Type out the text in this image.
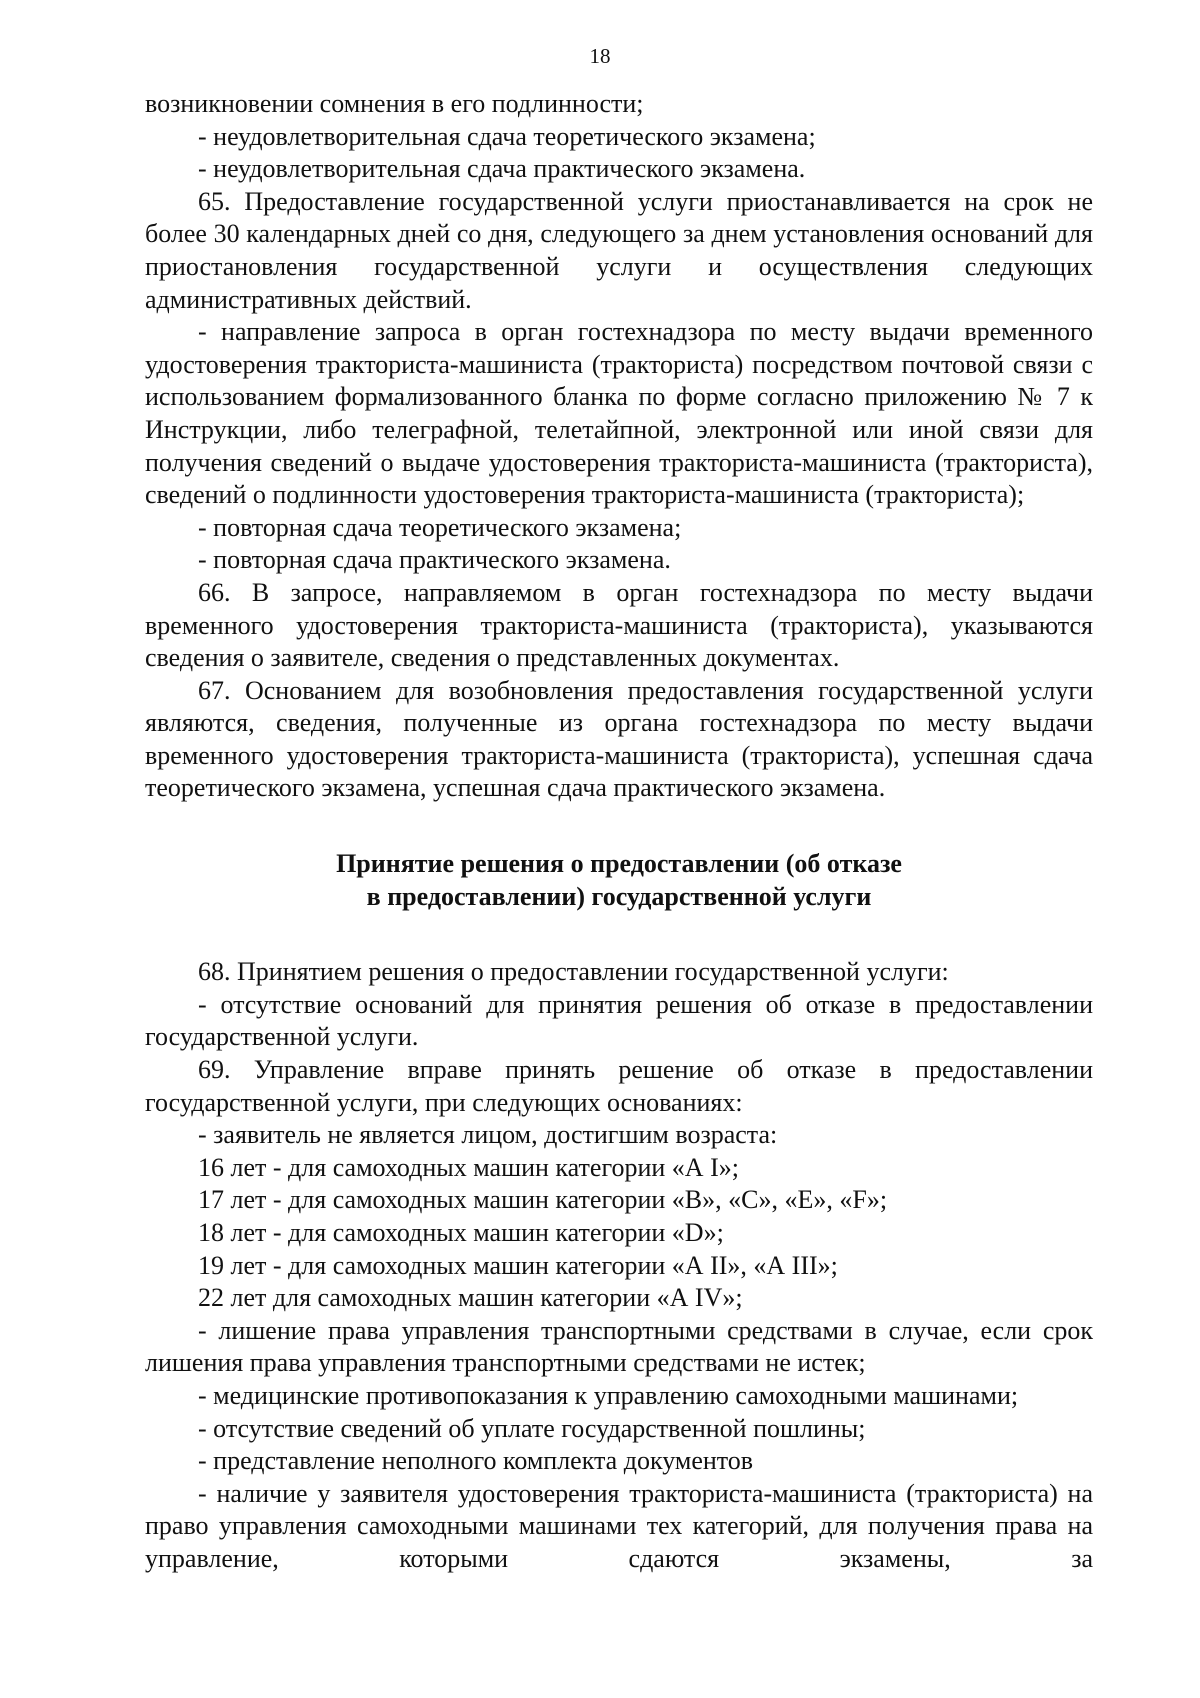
18

возникновении сомнения в его подлинности;

- неудовлетворительная сдача теоретического экзамена;

- неудовлетворительная сдача практического экзамена.

65. Предоставление государственной услуги приостанавливается на срок не более 30 календарных дней со дня, следующего за днем установления оснований для приостановления государственной услуги и осуществления следующих административных действий.

- направление запроса в орган гостехнадзора по месту выдачи временного удостоверения тракториста-машиниста (тракториста) посредством почтовой связи с использованием формализованного бланка по форме согласно приложению № 7 к Инструкции, либо телеграфной, телетайпной, электронной или иной связи для получения сведений о выдаче удостоверения тракториста-машиниста (тракториста), сведений о подлинности удостоверения тракториста-машиниста (тракториста);

- повторная сдача теоретического экзамена;

- повторная сдача практического экзамена.

66. В запросе, направляемом в орган гостехнадзора по месту выдачи временного удостоверения тракториста-машиниста (тракториста), указываются сведения о заявителе, сведения о представленных документах.

67. Основанием для возобновления предоставления государственной услуги являются, сведения, полученные из органа гостехнадзора по месту выдачи временного удостоверения тракториста-машиниста (тракториста), успешная сдача теоретического экзамена, успешная сдача практического экзамена.

Принятие решения о предоставлении (об отказе
в предоставлении) государственной услуги

68. Принятием решения о предоставлении государственной услуги:

- отсутствие оснований для принятия решения об отказе в предоставлении государственной услуги.

69. Управление вправе принять решение об отказе в предоставлении государственной услуги, при следующих основаниях:

- заявитель не является лицом, достигшим возраста:

16 лет - для самоходных машин категории «А I»;

17 лет - для самоходных машин категории «В», «С», «Е», «F»;

18 лет - для самоходных машин категории «D»;

19 лет - для самоходных машин категории «А II», «А III»;

22 лет для самоходных машин категории «А IV»;

- лишение права управления транспортными средствами в случае, если срок лишения права управления транспортными средствами не истек;

- медицинские противопоказания к управлению самоходными машинами;

- отсутствие сведений об уплате государственной пошлины;

- представление неполного комплекта документов

- наличие у заявителя удостоверения тракториста-машиниста (тракториста) на право управления самоходными машинами тех категорий, для получения права на управление, которыми сдаются экзамены, за
